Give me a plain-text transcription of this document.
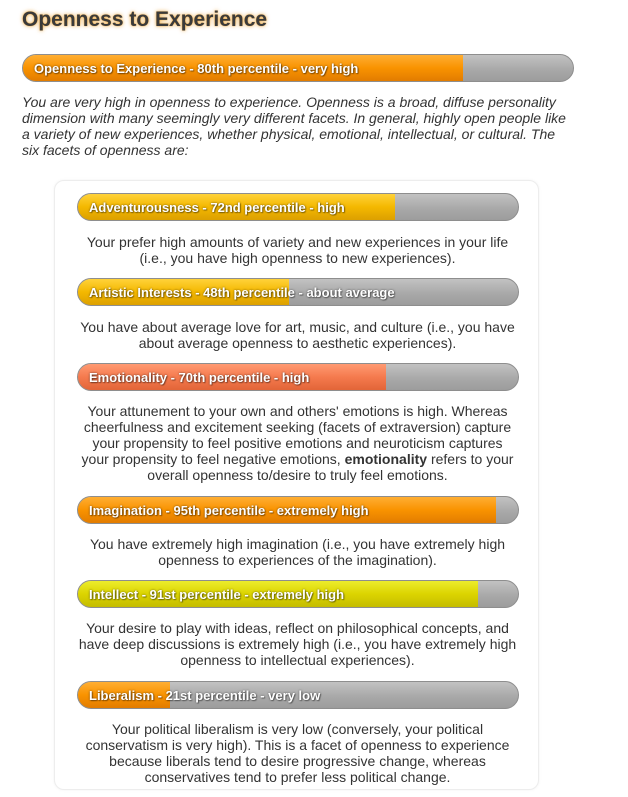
Openness to Experience
Openness to Experience - 80th percentile - very high

You are very high in openness to experience. Openness is a broad, diffuse personality dimension with many seemingly very different facets. In general, highly open people like a variety of new experiences, whether physical, emotional, intellectual, or cultural. The six facets of openness are:

Adventurousness - 72nd percentile - high

Your prefer high amounts of variety and new experiences in your life (i.e., you have high openness to new experiences).

Artistic Interests - 48th percentile - about average

You have about average love for art, music, and culture (i.e., you have about average openness to aesthetic experiences).

Emotionality - 70th percentile - high

Your attunement to your own and others' emotions is high. Whereas cheerfulness and excitement seeking (facets of extraversion) capture your propensity to feel positive emotions and neuroticism captures your propensity to feel negative emotions, emotionality refers to your overall openness to/desire to truly feel emotions.

Imagination - 95th percentile - extremely high

You have extremely high imagination (i.e., you have extremely high openness to experiences of the imagination).

Intellect - 91st percentile - extremely high

Your desire to play with ideas, reflect on philosophical concepts, and have deep discussions is extremely high (i.e., you have extremely high openness to intellectual experiences).

Liberalism - 21st percentile - very low

Your political liberalism is very low (conversely, your political conservatism is very high). This is a facet of openness to experience because liberals tend to desire progressive change, whereas conservatives tend to prefer less political change.
